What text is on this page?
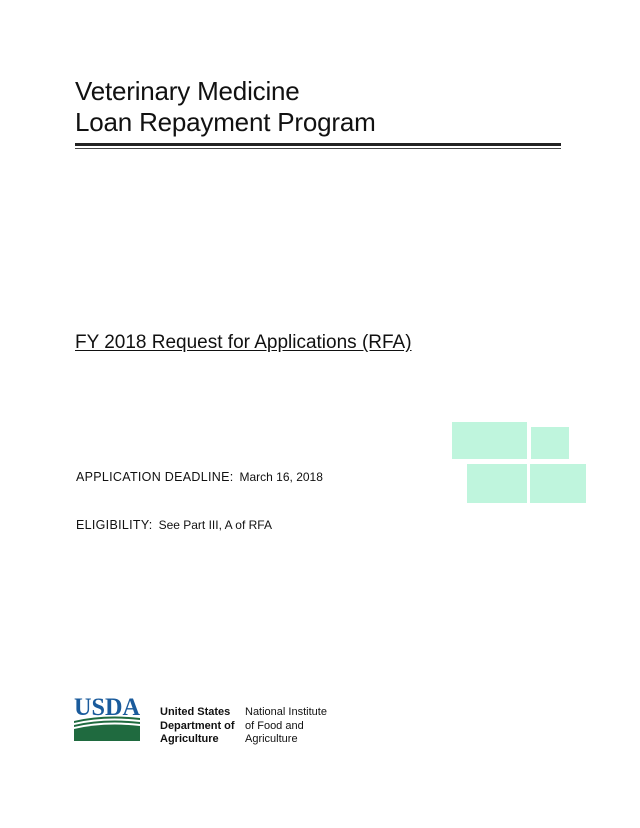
Veterinary Medicine
Loan Repayment Program
FY 2018 Request for Applications (RFA)
APPLICATION DEADLINE: March 16, 2018
ELIGIBILITY: See Part III, A of RFA
USDA United States
Department of
Agriculture
National Institute
of Food and
Agriculture
